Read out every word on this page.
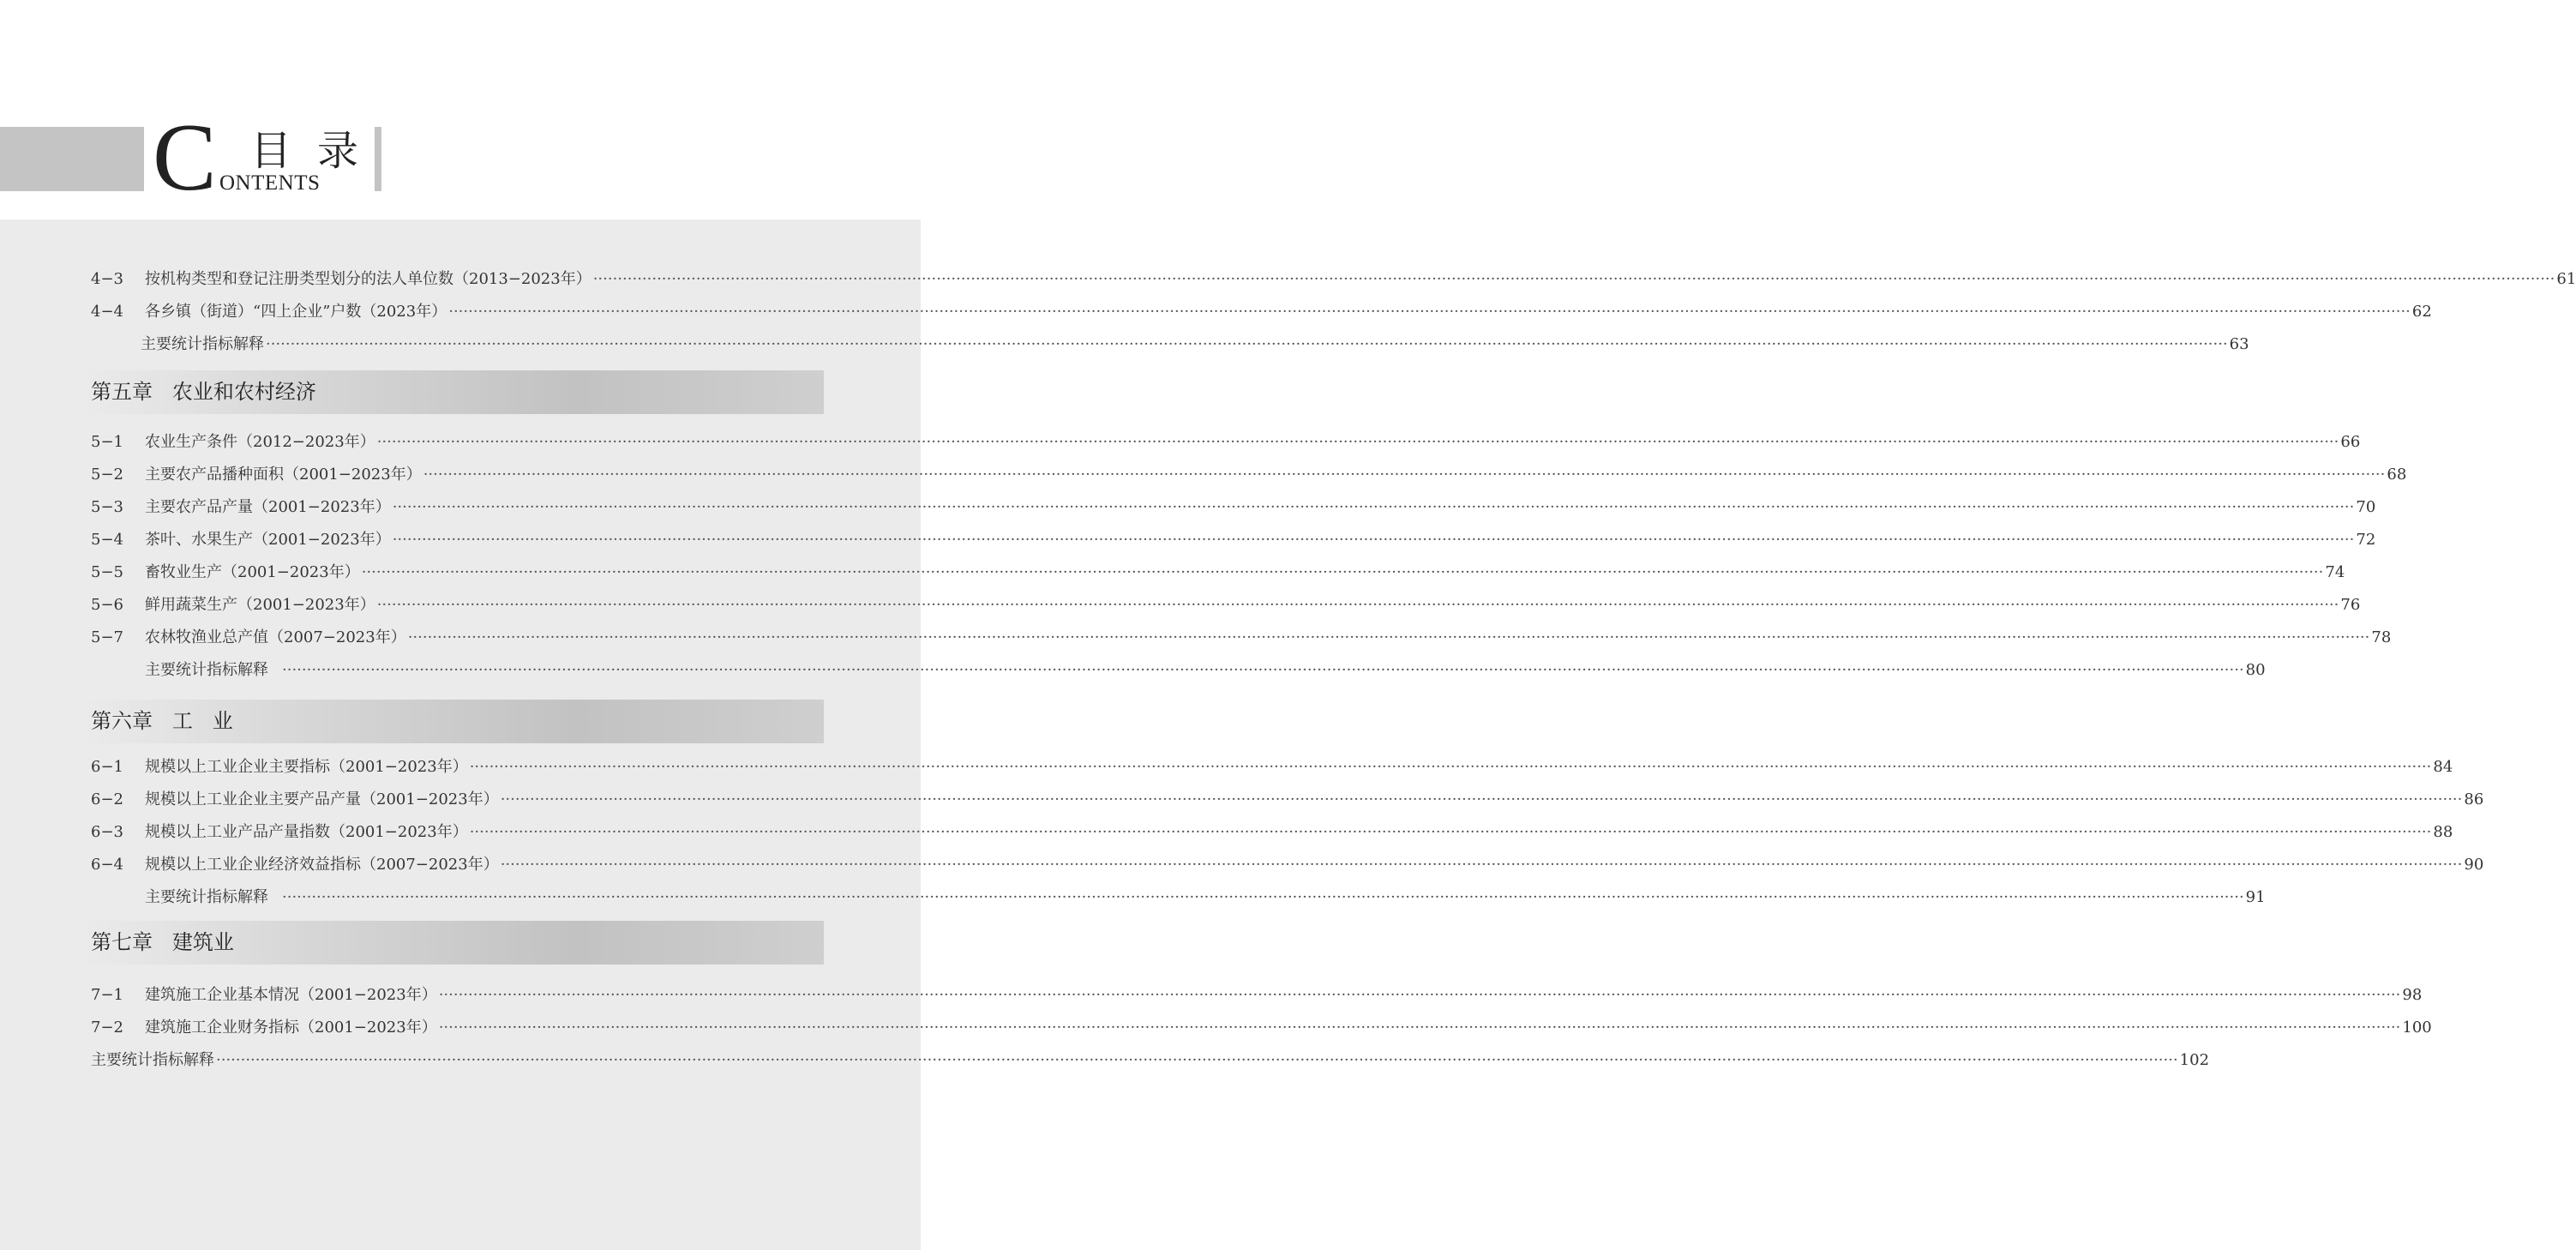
C 目录
ONTENTS
4−3	按机构类型和登记注册类型划分的法人单位数（2013−2023年） ················································································································································································································································································································································································································ 61
4−4	各乡镇（街道）“四上企业”户数（2023年） ················································································································································································································································································································································································································ 62
主要统计指标解释 ················································································································································································································································································································································································································ 63
第五章   农业和农村经济
5−1	农业生产条件（2012−2023年） ················································································································································································································································································································································································································ 66
5−2	主要农产品播种面积（2001−2023年） ················································································································································································································································································································································································································ 68
5−3	主要农产品产量（2001−2023年） ················································································································································································································································································································································································································ 70
5−4	茶叶、水果生产（2001−2023年） ················································································································································································································································································································································································································ 72
5−5	畜牧业生产（2001−2023年） ················································································································································································································································································································································································································ 74
5−6	鲜用蔬菜生产（2001−2023年） ················································································································································································································································································································································································································ 76
5−7	农林牧渔业总产值（2007−2023年） ················································································································································································································································································································································································································ 78
主要统计指标解释 ················································································································································································································································································································································································································ 80
第六章   工   业
6−1	规模以上工业企业主要指标（2001−2023年） ················································································································································································································································································································································································································ 84
6−2	规模以上工业企业主要产品产量（2001−2023年） ················································································································································································································································································································································································································ 86
6−3	规模以上工业产品产量指数（2001−2023年） ················································································································································································································································································································································································································ 88
6−4	规模以上工业企业经济效益指标（2007−2023年） ················································································································································································································································································································································································································ 90
主要统计指标解释 ················································································································································································································································································································································································································ 91
第七章   建筑业
7−1	建筑施工企业基本情况（2001−2023年） ················································································································································································································································································································································································································ 98
7−2	建筑施工企业财务指标（2001−2023年） ················································································································································································································································································································································································································ 100
主要统计指标解释 ················································································································································································································································································································································································································ 102
